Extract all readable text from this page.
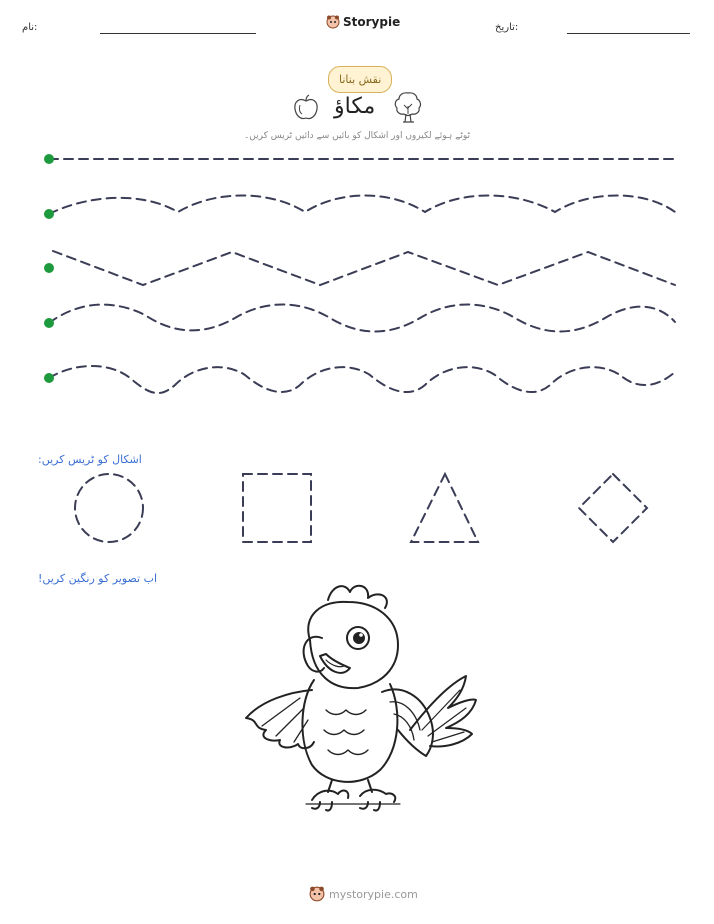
نام:	Storypie	تاریخ:
نقش بنانا
مکاؤ
ٹوٹے ہوئے لکیروں اور اشکال کو بائیں سے دائیں ٹریس کریں۔
اشکال کو ٹریس کریں:
اب تصویر کو رنگین کریں!
mystorypie.com
